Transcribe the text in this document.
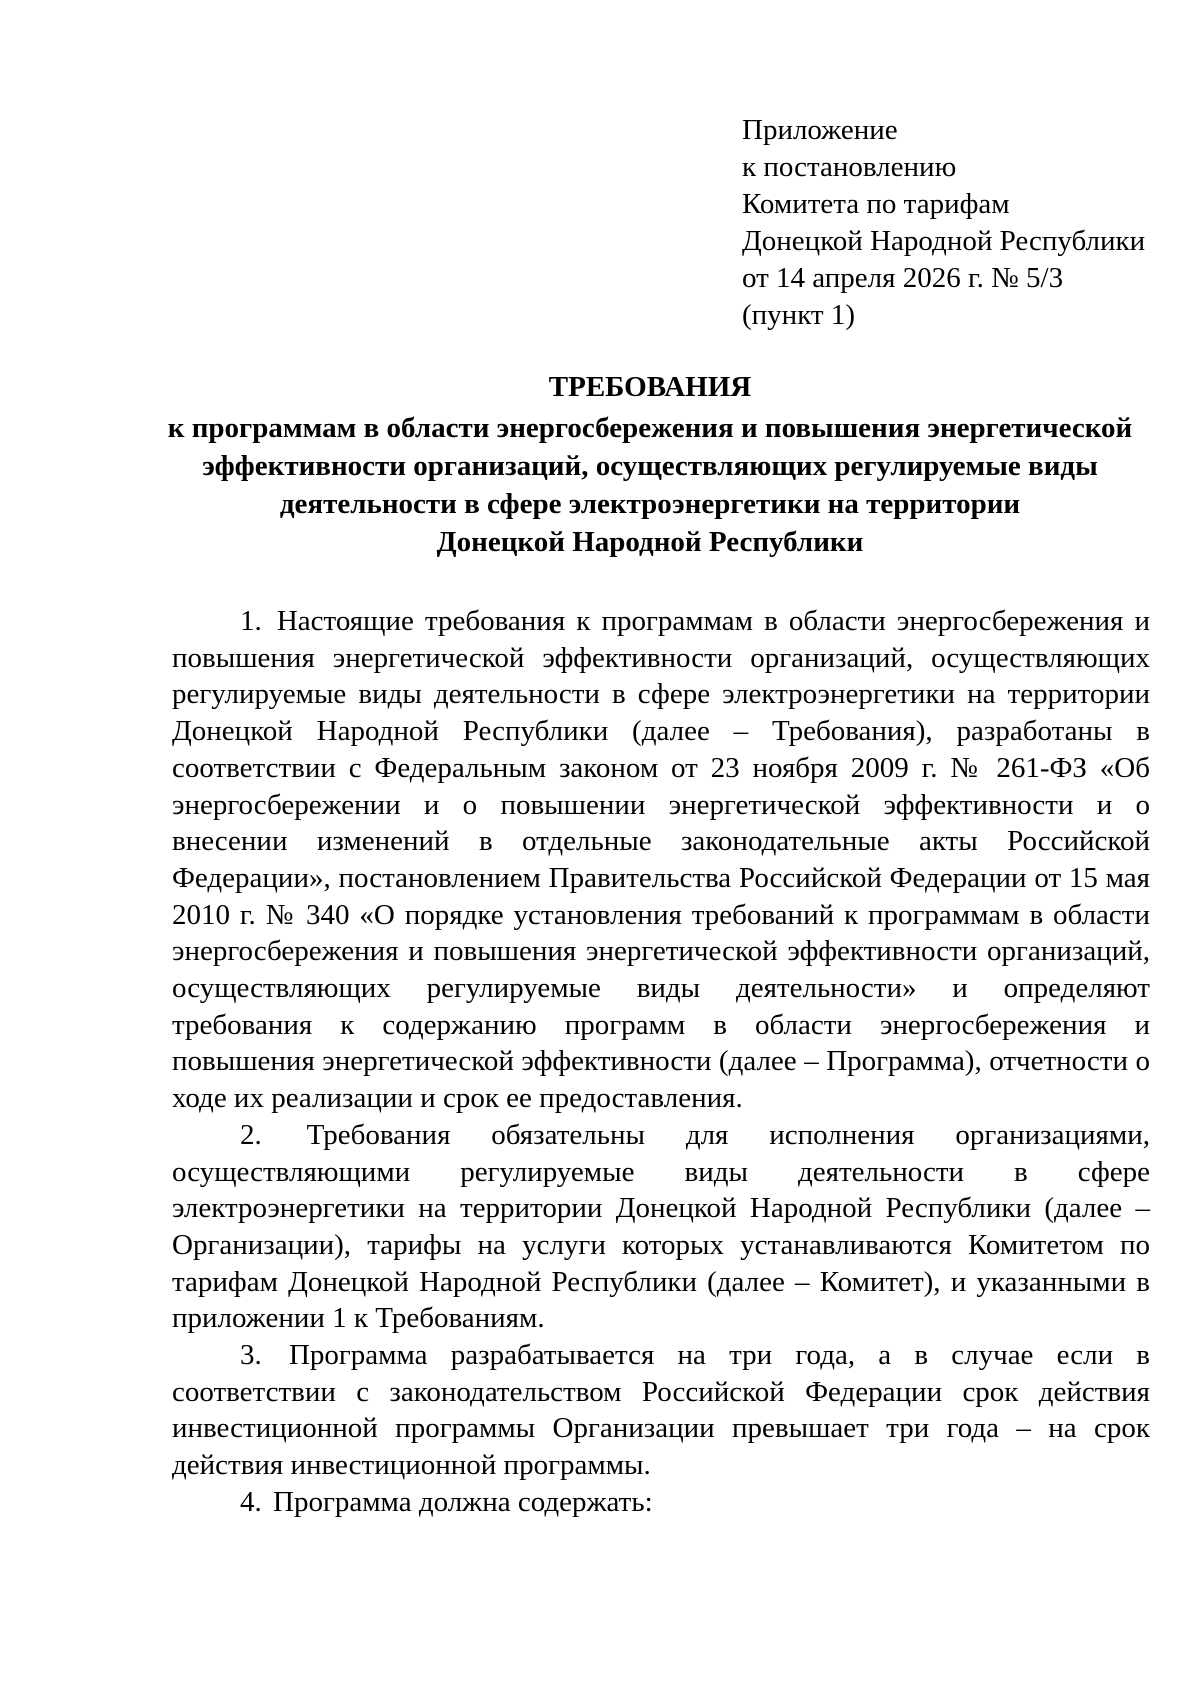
Приложение
к постановлению
Комитета по тарифам
Донецкой Народной Республики
от 14 апреля 2026 г. № 5/3
(пункт 1)
ТРЕБОВАНИЯ
к программам в области энергосбережения и повышения энергетической
эффективности организаций, осуществляющих регулируемые виды
деятельности в сфере электроэнергетики на территории
Донецкой Народной Республики

1. Настоящие требования к программам в области энергосбережения и повышения энергетической эффективности организаций, осуществляющих регулируемые виды деятельности в сфере электроэнергетики на территории Донецкой Народной Республики (далее – Требования), разработаны в соответствии с Федеральным законом от 23 ноября 2009 г. № 261-ФЗ «Об энергосбережении и о повышении энергетической эффективности и о внесении изменений в отдельные законодательные акты Российской Федерации», постановлением Правительства Российской Федерации от 15 мая 2010 г. № 340 «О порядке установления требований к программам в области энергосбережения и повышения энергетической эффективности организаций, осуществляющих регулируемые виды деятельности» и определяют требования к содержанию программ в области энергосбережения и повышения энергетической эффективности (далее – Программа), отчетности о ходе их реализации и срок ее предоставления.

2. Требования обязательны для исполнения организациями, осуществляющими регулируемые виды деятельности в сфере электроэнергетики на территории Донецкой Народной Республики (далее – Организации), тарифы на услуги которых устанавливаются Комитетом по тарифам Донецкой Народной Республики (далее – Комитет), и указанными в приложении 1 к Требованиям.

3. Программа разрабатывается на три года, а в случае если в соответствии с законодательством Российской Федерации срок действия инвестиционной программы Организации превышает три года – на срок действия инвестиционной программы.

4. Программа должна содержать:
